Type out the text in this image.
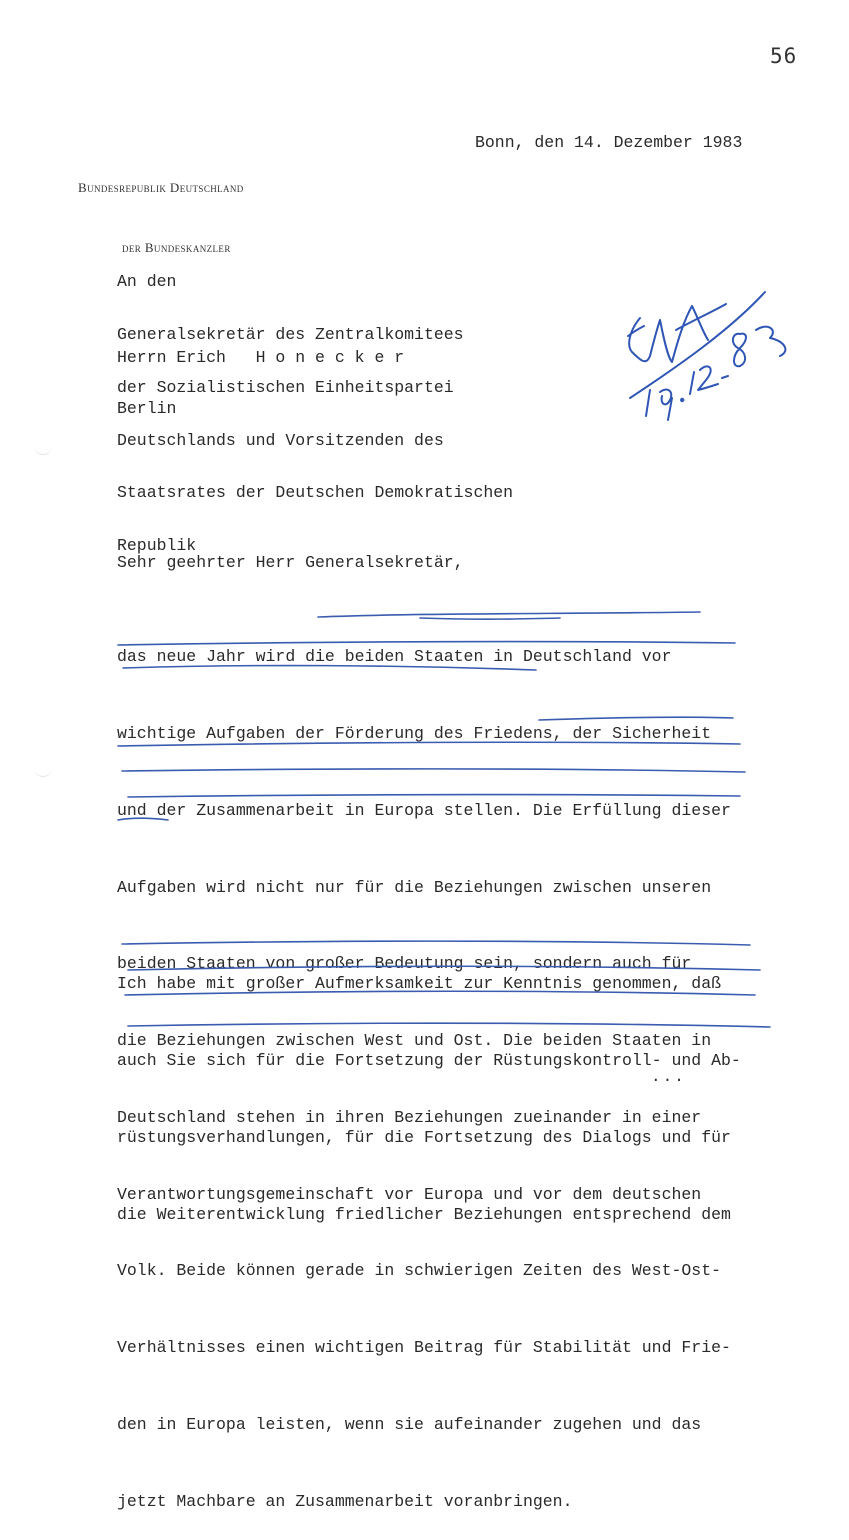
56

Bundesrepublik Deutschland

der Bundeskanzler

Bonn, den 14. Dezember 1983

An den

Generalsekretär des Zentralkomitees

der Sozialistischen Einheitspartei

Deutschlands und Vorsitzenden des

Staatsrates der Deutschen Demokratischen

Republik

Herrn Erich   H o n e c k e r
Berlin
Sehr geehrter Herr Generalsekretär,

das neue Jahr wird die beiden Staaten in Deutschland vor

wichtige Aufgaben der Förderung des Friedens, der Sicherheit

und der Zusammenarbeit in Europa stellen. Die Erfüllung dieser

Aufgaben wird nicht nur für die Beziehungen zwischen unseren

beiden Staaten von großer Bedeutung sein, sondern auch für

die Beziehungen zwischen West und Ost. Die beiden Staaten in

Deutschland stehen in ihren Beziehungen zueinander in einer

Verantwortungsgemeinschaft vor Europa und vor dem deutschen

Volk. Beide können gerade in schwierigen Zeiten des West-Ost-

Verhältnisses einen wichtigen Beitrag für Stabilität und Frie-

den in Europa leisten, wenn sie aufeinander zugehen und das

jetzt Machbare an Zusammenarbeit voranbringen.

Ich habe mit großer Aufmerksamkeit zur Kenntnis genommen, daß

auch Sie sich für die Fortsetzung der Rüstungskontroll- und Ab-

rüstungsverhandlungen, für die Fortsetzung des Dialogs und für

die Weiterentwicklung friedlicher Beziehungen entsprechend dem

...
